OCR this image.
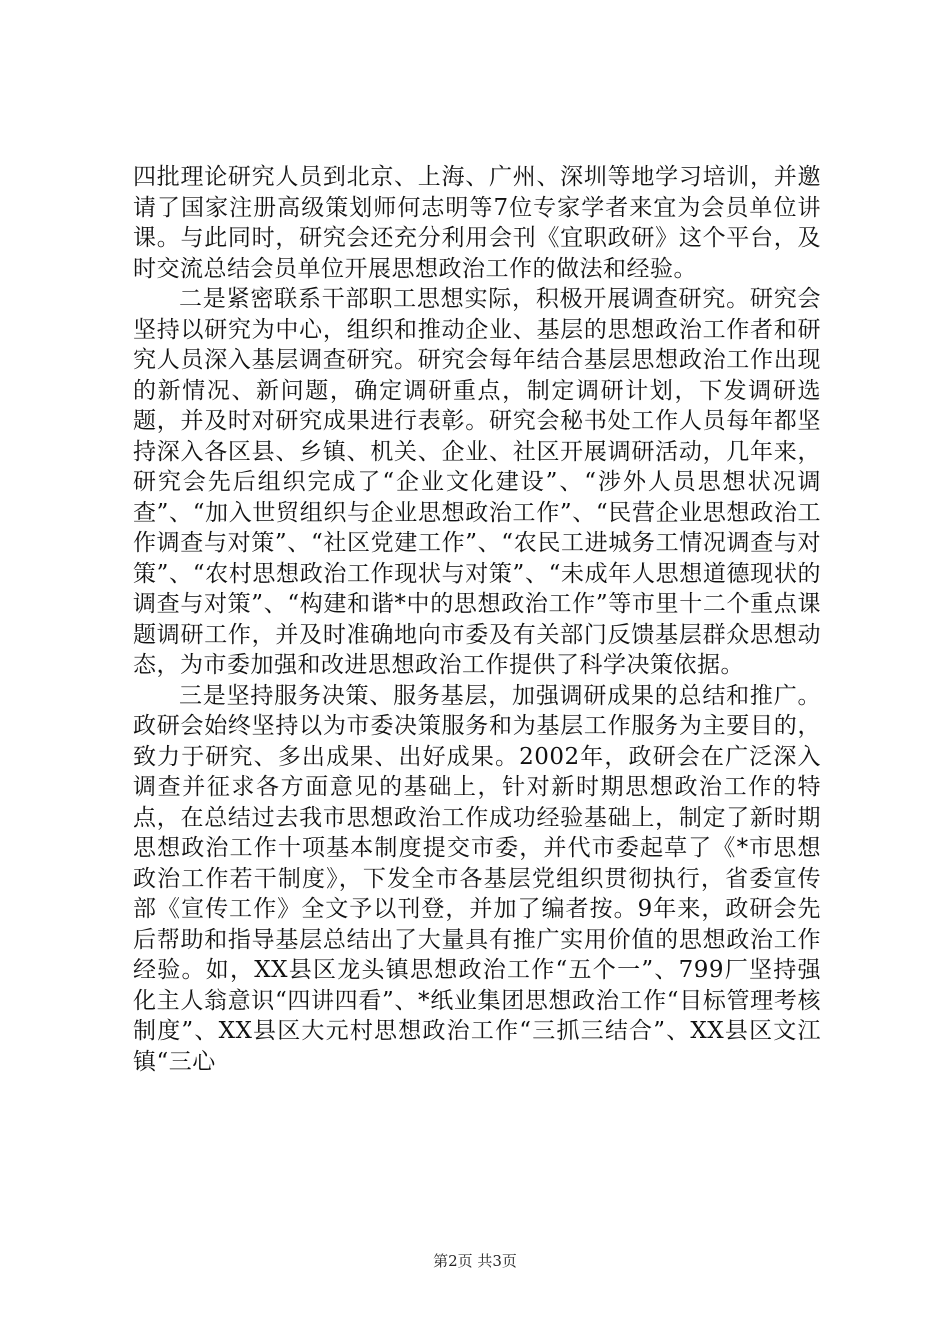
四批理论研究人员到北京、上海、广州、深圳等地学习培训，并邀请了国家注册高级策划师何志明等7位专家学者来宜为会员单位讲课。与此同时，研究会还充分利用会刊《宜职政研》这个平台，及时交流总结会员单位开展思想政治工作的做法和经验。

二是紧密联系干部职工思想实际，积极开展调查研究。研究会坚持以研究为中心，组织和推动企业、基层的思想政治工作者和研究人员深入基层调查研究。研究会每年结合基层思想政治工作出现的新情况、新问题，确定调研重点，制定调研计划，下发调研选题，并及时对研究成果进行表彰。研究会秘书处工作人员每年都坚持深入各区县、乡镇、机关、企业、社区开展调研活动，几年来，研究会先后组织完成了“企业文化建设”、“涉外人员思想状况调查”、“加入世贸组织与企业思想政治工作”、“民营企业思想政治工作调查与对策”、“社区党建工作”、“农民工进城务工情况调查与对策”、“农村思想政治工作现状与对策”、“未成年人思想道德现状的调查与对策”、“构建和谐*中的思想政治工作”等市里十二个重点课题调研工作，并及时准确地向市委及有关部门反馈基层群众思想动态，为市委加强和改进思想政治工作提供了科学决策依据。

三是坚持服务决策、服务基层，加强调研成果的总结和推广。政研会始终坚持以为市委决策服务和为基层工作服务为主要目的，致力于研究、多出成果、出好成果。2002年，政研会在广泛深入调查并征求各方面意见的基础上，针对新时期思想政治工作的特点，在总结过去我市思想政治工作成功经验基础上，制定了新时期思想政治工作十项基本制度提交市委，并代市委起草了《*市思想政治工作若干制度》，下发全市各基层党组织贯彻执行，省委宣传部《宣传工作》全文予以刊登，并加了编者按。9年来，政研会先后帮助和指导基层总结出了大量具有推广实用价值的思想政治工作经验。如，XX县区龙头镇思想政治工作“五个一”、799厂坚持强化主人翁意识“四讲四看”、*纸业集团思想政治工作“目标管理考核制度”、XX县区大元村思想政治工作“三抓三结合”、XX县区文江镇“三心

第2页 共3页
